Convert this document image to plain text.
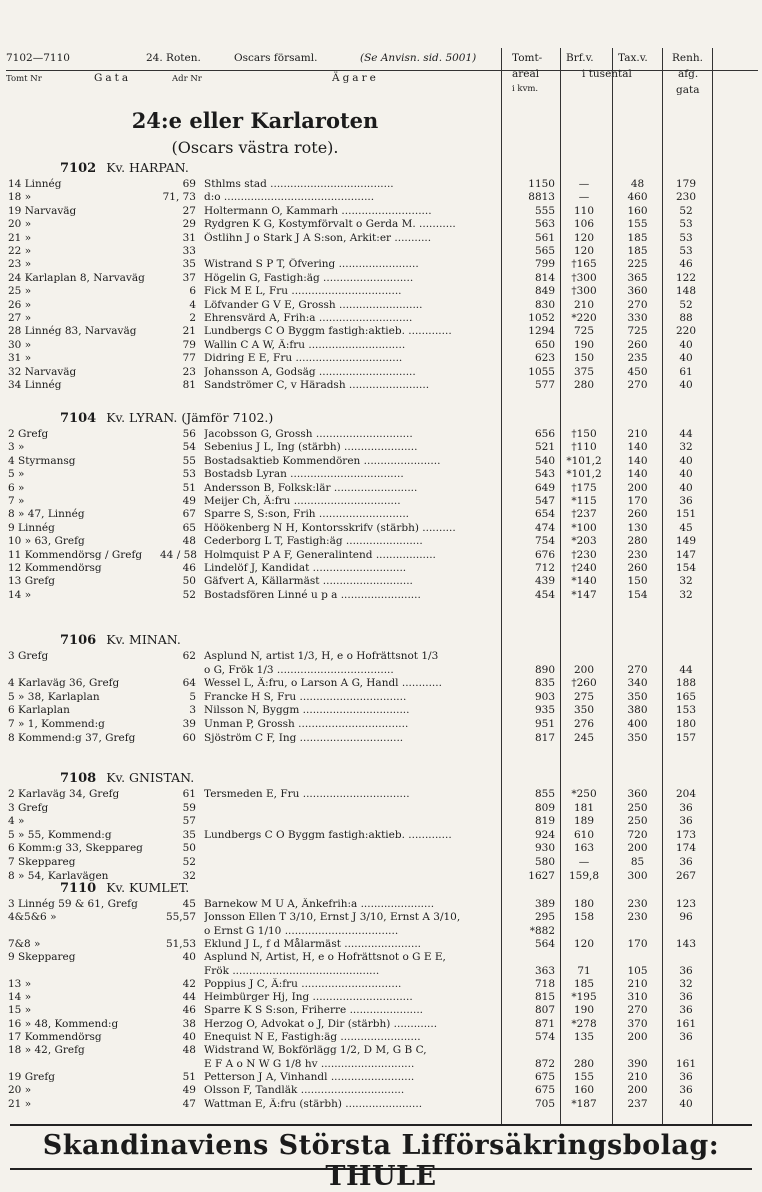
7102—7110	24. Roten.	Oscars församl.	(Se Anvisn. sid. 5001)
Tomt Nr	Gata	Adr Nr	Ägare
Tomt-
areal
i kvm.
Brf.v. Tax.v.
i tusental
Renh.
afg.
gata
24:e eller Karlaroten
(Oscars västra rote).
7102 Kv. HARPAN.
14 Linnég	69 Sthlms stad .....................................	1150	—	48	179
18 »	71, 73 d:o .............................................	8813	—	460	230
19 Narvaväg	27 Holtermann O, Kammarh ...........................	555	110	160	52
20 »	29 Rydgren K G, Kostymförvalt o Gerda M. ...........	563	106	155	53
21 »	31 Östlihn J o Stark J A S:son, Arkit:er ...........	561	120	185	53
22 »	33	565	120	185	53
23 »	35 Wistrand S P T, Öfvering ........................	799	†165	225	46
24 Karlaplan 8, Narvaväg	37 Högelin G, Fastigh:äg ...........................	814	†300	365	122
25 »	6 Fick M E L, Fru .................................	849	†300	360	148
26 »	4 Löfvander G V E, Grossh .........................	830	210	270	52
27 »	2 Ehrensvärd A, Frih:a ............................	1052	*220	330	88
28 Linnég 83, Narvaväg	21 Lundbergs C O Byggm fastigh:aktieb. .............	1294	725	725	220
30 »	79 Wallin C A W, Ä:fru .............................	650	190	260	40
31 »	77 Didring E E, Fru ................................	623	150	235	40
32 Narvaväg	23 Johansson A, Godsäg .............................	1055	375	450	61
34 Linnég	81 Sandströmer C, v Häradsh ........................	577	280	270	40
7104 Kv. LYRAN. (Jämför 7102.)
2 Grefg	56 Jacobsson G, Grossh .............................	656	†150	210	44
3 »	54 Sebenius J L, Ing (stärbh) ......................	521	†110	140	32
4 Styrmansg	55 Bostadsaktieb Kommendören .......................	540 *101,2	140	40
5 »	53 Bostadsb Lyran ..................................	543 *101,2	140	40
6 »	51 Andersson B, Folksk:lär .........................	649	†175	200	40
7 »	49 Meijer Ch, Ä:fru ................................	547	*115	170	36
8 » 47, Linnég	67 Sparre S, S:son, Frih ...........................	654	†237	260	151
9 Linnég	65 Höökenberg N H, Kontorsskrifv (stärbh) ..........	474	*100	130	45
10 » 63, Grefg	48 Cederborg L T, Fastigh:äg .......................	754	*203	280	149
11 Kommendörsg / Grefg 44 / 58 Holmquist P A F, Generalintend ..................	676	†230	230	147
12 Kommendörsg	46 Lindelöf J, Kandidat ............................	712	†240	260	154
13 Grefg	50 Gäfvert A, Källarmäst ...........................	439	*140	150	32
14 »	52 Bostadsfören Linné u p a ........................	454	*147	154	32
7106 Kv. MINAN.
3 Grefg	62 Asplund N, artist 1/3, H, e o Hofrättsnot 1/3
o G, Frök 1/3 ...................................	890	200	270	44
4 Karlaväg 36, Grefg	64 Wessel L, Ä:fru, o Larson A G, Handl ............	835	†260	340	188
5 » 38, Karlaplan	5 Francke H S, Fru ................................	903	275	350	165
6 Karlaplan	3 Nilsson N, Byggm ................................	935	350	380	153
7 » 1, Kommend:g	39 Unman P, Grossh .................................	951	276	400	180
8 Kommend:g 37, Grefg	60 Sjöström C F, Ing ...............................	817	245	350	157
7108 Kv. GNISTAN.
2 Karlaväg 34, Grefg	61 Tersmeden E, Fru ................................	855	*250	360	204
3 Grefg	59	809	181	250	36
4 »	57	819	189	250	36
5 » 55, Kommend:g	35 Lundbergs C O Byggm fastigh:aktieb. .............	924	610	720	173
6 Komm:g 33, Skeppareg	50	930	163	200	174
7 Skeppareg	52	580	—	85	36
8 » 54, Karlavägen	32	1627	159,8	300	267
7110 Kv. KUMLET.
3 Linnég 59 & 61, Grefg	45 Barnekow M U A, Änkefrih:a ......................	389	180	230	123
4&5&6 »	55,57 Jonsson Ellen T 3/10, Ernst J 3/10, Ernst A 3/10,	295	158	230	96
o Ernst G 1/10 ..................................	*882
7&8 »	51,53 Eklund J L, f d Målarmäst .......................	564	120	170	143
9 Skeppareg	40 Asplund N, Artist, H, e o Hofrättsnot o G E E,
Frök ............................................	363	71	105	36
13 »	42 Poppius J C, Ä:fru ..............................	718	185	210	32
14 »	44 Heimbürger Hj, Ing ..............................	815	*195	310	36
15 »	46 Sparre K S S:son, Friherre ......................	807	190	270	36
16 » 48, Kommend:g	38 Herzog O, Advokat o J, Dir (stärbh) .............	871	*278	370	161
17 Kommendörsg	40 Enequist N E, Fastigh:äg ........................	574	135	200	36
18 » 42, Grefg	48 Widstrand W, Bokförlägg 1/2, D M, G B C,
E F A o N W G 1/8 hv ............................	872	280	390	161
19 Grefg	51 Petterson J A, Vinhandl .........................	675	155	210	36
20 »	49 Olsson F, Tandläk ...............................	675	160	200	36
21 »	47 Wattman E, Ä:fru (stärbh) .......................	705	*187	237	40
Skandinaviens Största Lifförsäkringsbolag: THULE
